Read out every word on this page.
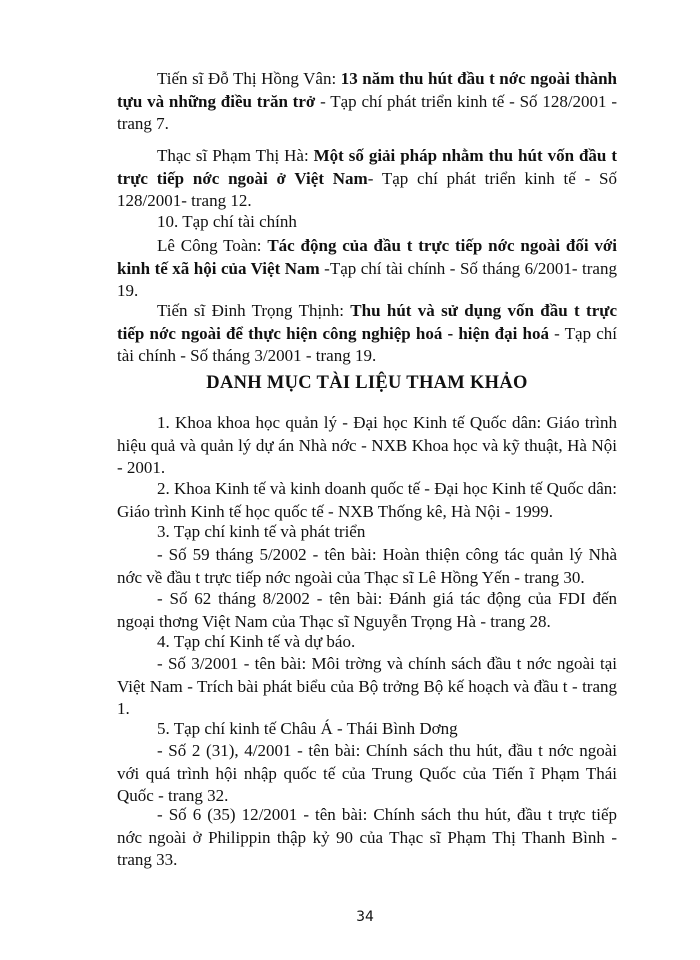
Tiến sĩ Đỗ Thị Hồng Vân: 13 năm thu hút đầu t nớc ngoài thành tựu và những điều trăn trở - Tạp chí phát triển kinh tế - Số 128/2001 - trang 7.

Thạc sĩ Phạm Thị Hà: Một số giải pháp nhằm thu hút vốn đầu t trực tiếp nớc ngoài ở Việt Nam- Tạp chí phát triển kinh tế - Số 128/2001- trang 12.

10. Tạp chí tài chính

Lê Công Toàn: Tác động của đầu t trực tiếp nớc ngoài đối với kinh tế xã hội của Việt Nam -Tạp chí tài chính - Số tháng 6/2001- trang 19.

Tiến sĩ Đinh Trọng Thịnh: Thu hút và sử dụng vốn đầu t trực tiếp nớc ngoài để thực hiện công nghiệp hoá - hiện đại hoá - Tạp chí tài chính - Số tháng 3/2001 - trang 19.

DANH MỤC TÀI LIỆU THAM KHẢO

1. Khoa khoa học quản lý - Đại học Kinh tế Quốc dân: Giáo trình hiệu quả và quản lý dự án Nhà nớc - NXB Khoa học và kỹ thuật, Hà Nội - 2001.

2. Khoa Kinh tế và kinh doanh quốc tế - Đại học Kinh tế Quốc dân: Giáo trình Kinh tế học quốc tế - NXB Thống kê, Hà Nội - 1999.

3. Tạp chí kinh tế và phát triển

- Số 59 tháng 5/2002 - tên bài: Hoàn thiện công tác quản lý Nhà nớc về đầu t trực tiếp nớc ngoài của Thạc sĩ Lê Hồng Yến - trang 30.

- Số 62 tháng 8/2002 - tên bài: Đánh giá tác động của FDI đến ngoại thơng Việt Nam của Thạc sĩ Nguyễn Trọng Hà - trang 28.

4. Tạp chí Kinh tế và dự báo.

- Số 3/2001 - tên bài: Môi trờng và chính sách đầu t nớc ngoài tại Việt Nam - Trích bài phát biểu của Bộ trởng Bộ kế hoạch và đầu t - trang 1.

5. Tạp chí kinh tế Châu Á - Thái Bình Dơng

- Số 2 (31), 4/2001 - tên bài: Chính sách thu hút, đầu t nớc ngoài với quá trình hội nhập quốc tế của Trung Quốc của Tiến ĩ Phạm Thái Quốc - trang 32.

- Số 6 (35) 12/2001 - tên bài: Chính sách thu hút, đầu t trực tiếp nớc ngoài ở Philippin thập kỷ 90 của Thạc sĩ Phạm Thị Thanh Bình - trang 33.

34
